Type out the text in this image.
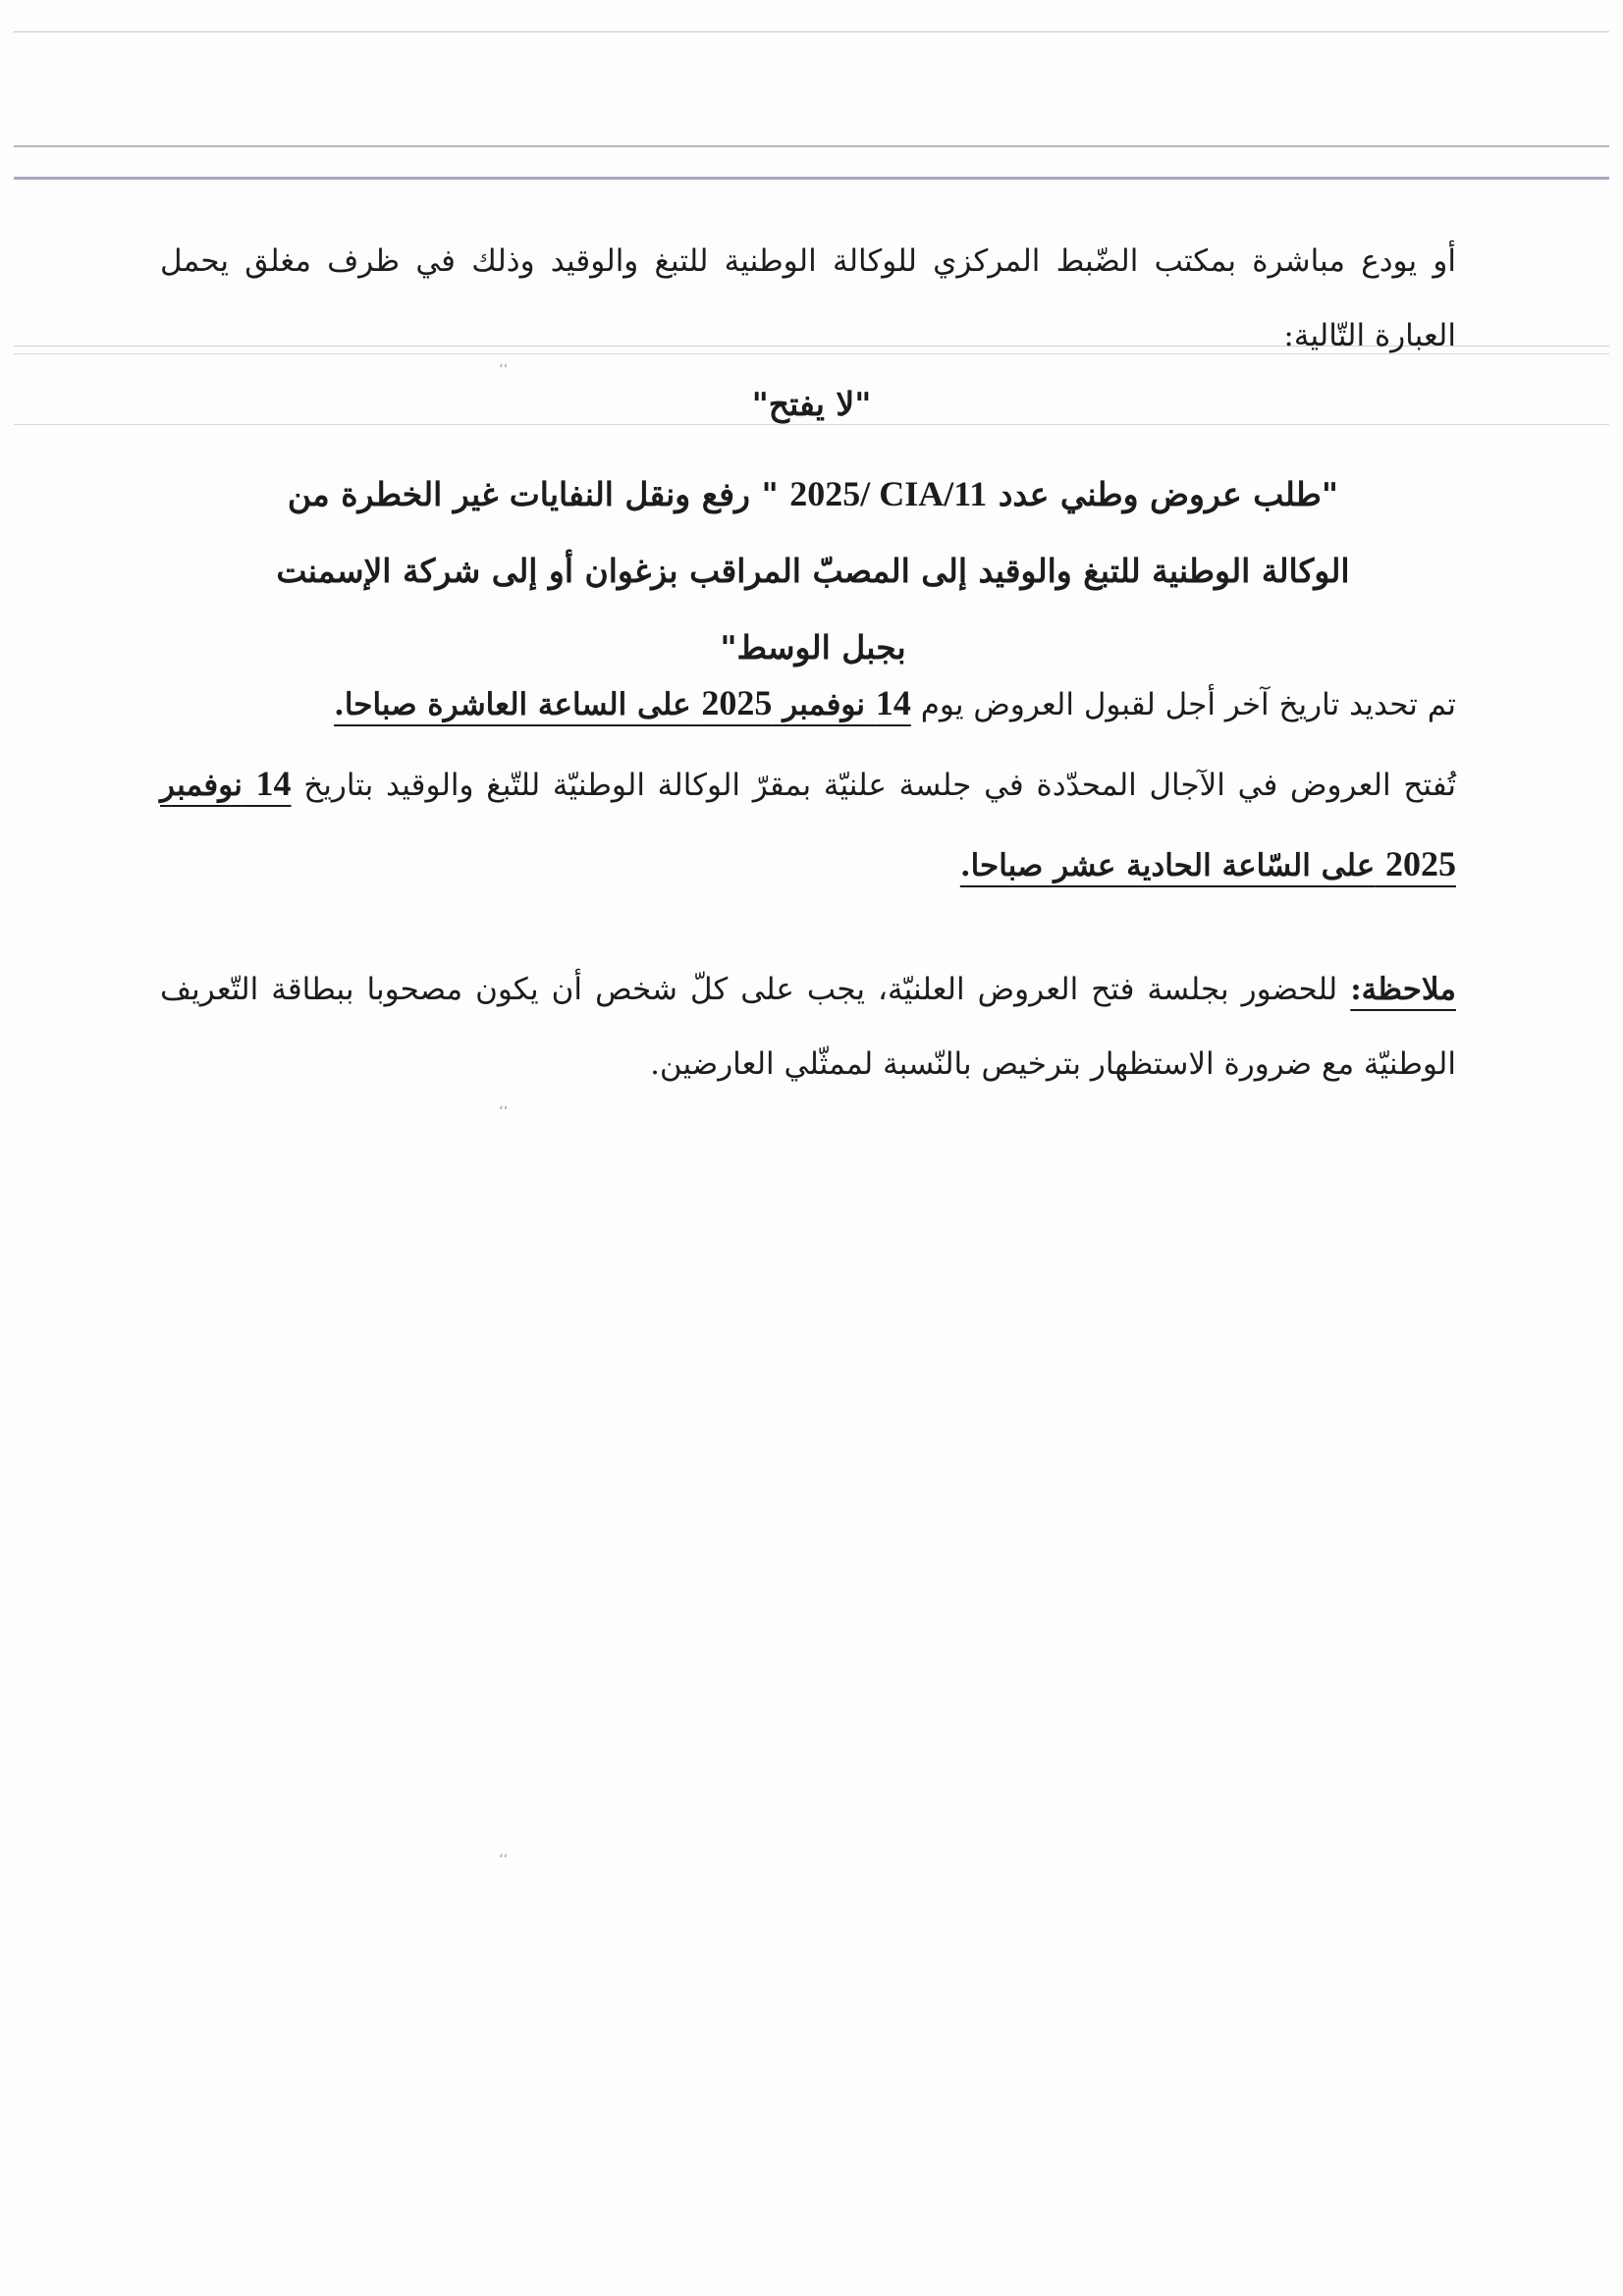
أو يودع مباشرة بمكتب الضّبط المركزي للوكالة الوطنية للتبغ والوقيد وذلك في ظرف مغلق يحمل العبارة التّالية:
"لا يفتح"
"طلب عروض وطني عدد 2025/ CIA/11 " رفع ونقل النفايات غير الخطرة من الوكالة الوطنية للتبغ والوقيد إلى المصبّ المراقب بزغوان أو إلى شركة الإسمنت بجبل الوسط"
تم تحديد تاريخ آخر أجل لقبول العروض يوم 14 نوفمبر 2025 على الساعة العاشرة صباحا.
تُفتح العروض في الآجال المحدّدة في جلسة علنيّة بمقرّ الوكالة الوطنيّة للتّبغ والوقيد بتاريخ 14 نوفمبر 2025 على السّاعة الحادية عشر صباحا.
ملاحظة: للحضور بجلسة فتح العروض العلنيّة، يجب على كلّ شخص أن يكون مصحوبا ببطاقة التّعريف الوطنيّة مع ضرورة الاستظهار بترخيص بالنّسبة لممثّلي العارضين.
،،
،،
،،
